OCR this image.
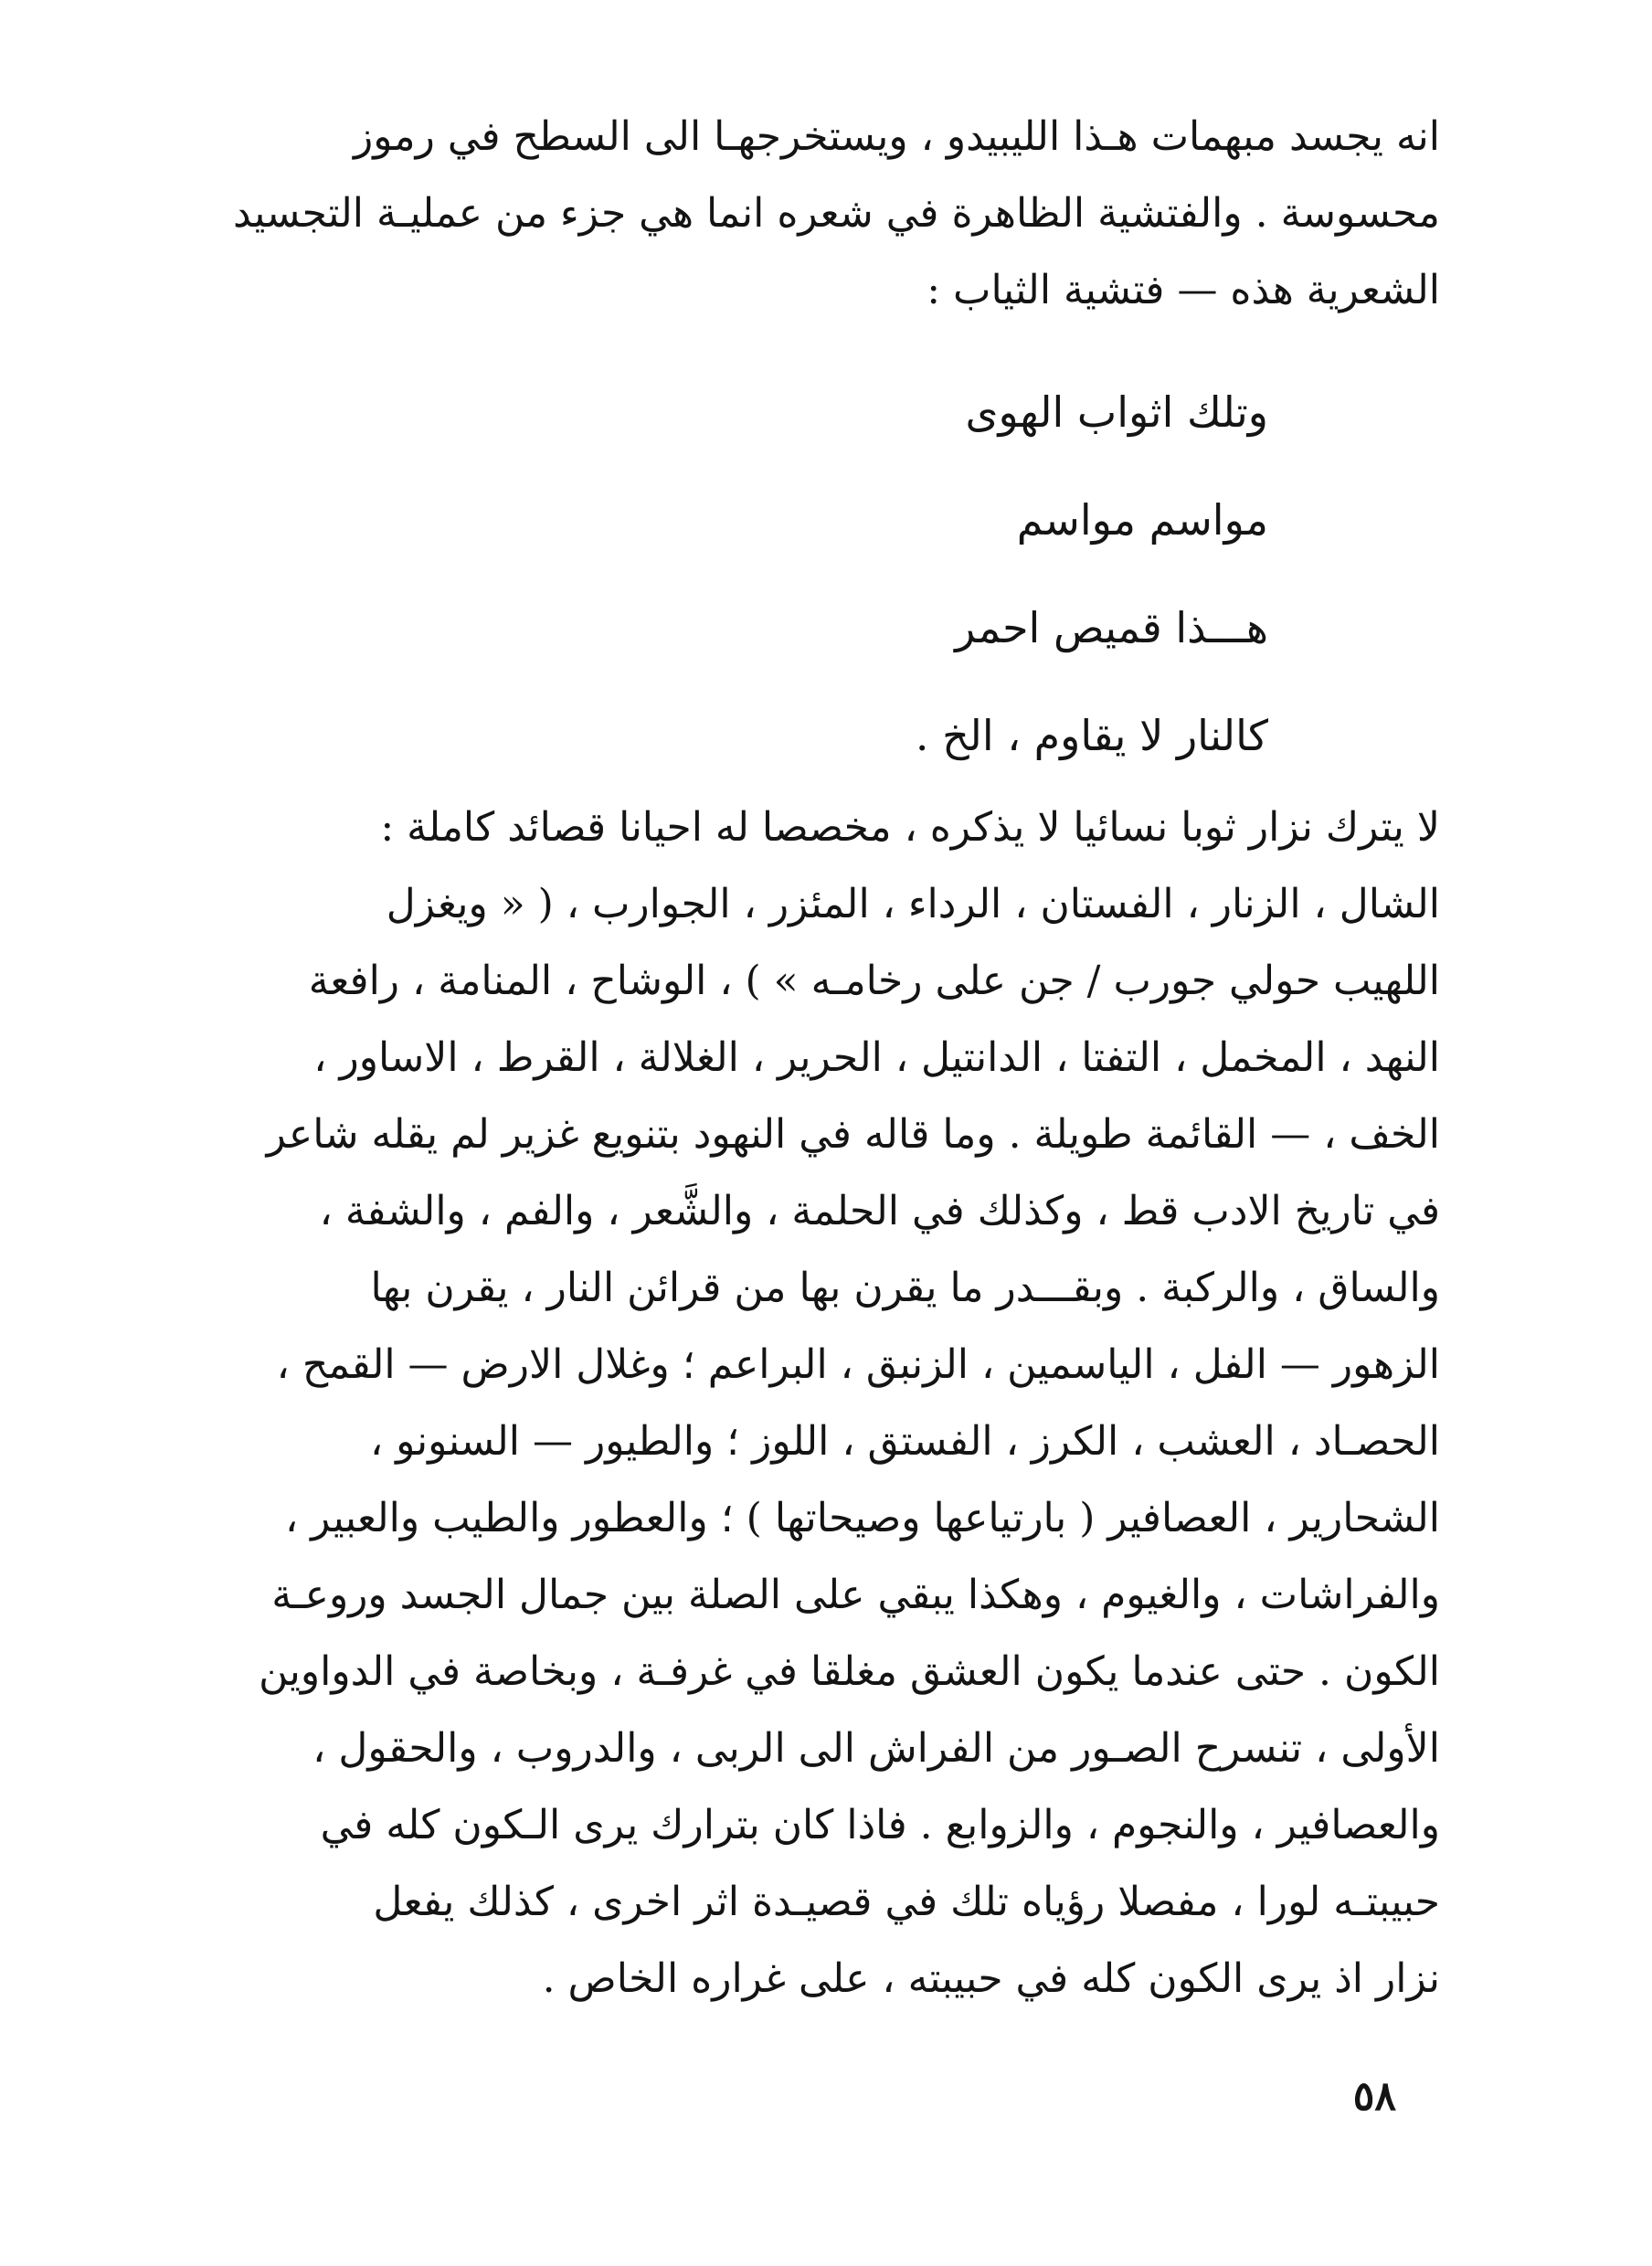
انه يجسد مبهمات هـذا الليبيدو ، ويستخرجهـا الى السطح في رموز
محسوسة . والفتشية الظاهرة في شعره انما هي جزء من عمليـة التجسيد
الشعرية هذه — فتشية الثياب :
وتلك اثواب الهوى
مواسم مواسم
هـــذا قميص احمر
كالنار لا يقاوم ، الخ .
لا يترك نزار ثوبا نسائيا لا يذكره ، مخصصا له احيانا قصائد كاملة :
الشال ، الزنار ، الفستان ، الرداء ، المئزر ، الجوارب ، ( « ويغزل
اللهيب حولي جورب / جن على رخامـه » ) ، الوشاح ، المنامة ، رافعة
النهد ، المخمل ، التفتا ، الدانتيل ، الحرير ، الغلالة ، القرط ، الاساور ،
الخف ، — القائمة طويلة . وما قاله في النهود بتنويع غزير لم يقله شاعر
في تاريخ الادب قط ، وكذلك في الحلمة ، والشَّعر ، والفم ، والشفة ،
والساق ، والركبة . وبقـــدر ما يقرن بها من قرائن النار ، يقرن بها
الزهور — الفل ، الياسمين ، الزنبق ، البراعم ؛ وغلال الارض — القمح ،
الحصـاد ، العشب ، الكرز ، الفستق ، اللوز ؛ والطيور — السنونو ،
الشحارير ، العصافير ( بارتياعها وصيحاتها ) ؛ والعطور والطيب والعبير ،
والفراشات ، والغيوم ، وهكذا يبقي على الصلة بين جمال الجسد وروعـة
الكون . حتى عندما يكون العشق مغلقا في غرفـة ، وبخاصة في الدواوين
الأولى ، تنسرح الصـور من الفراش الى الربى ، والدروب ، والحقول ،
والعصافير ، والنجوم ، والزوابع . فاذا كان بترارك يرى الـكون كله في
حبيبتـه لورا ، مفصلا رؤياه تلك في قصيـدة اثر اخرى ، كذلك يفعل
نزار اذ يرى الكون كله في حبيبته ، على غراره الخاص .
٥٨
